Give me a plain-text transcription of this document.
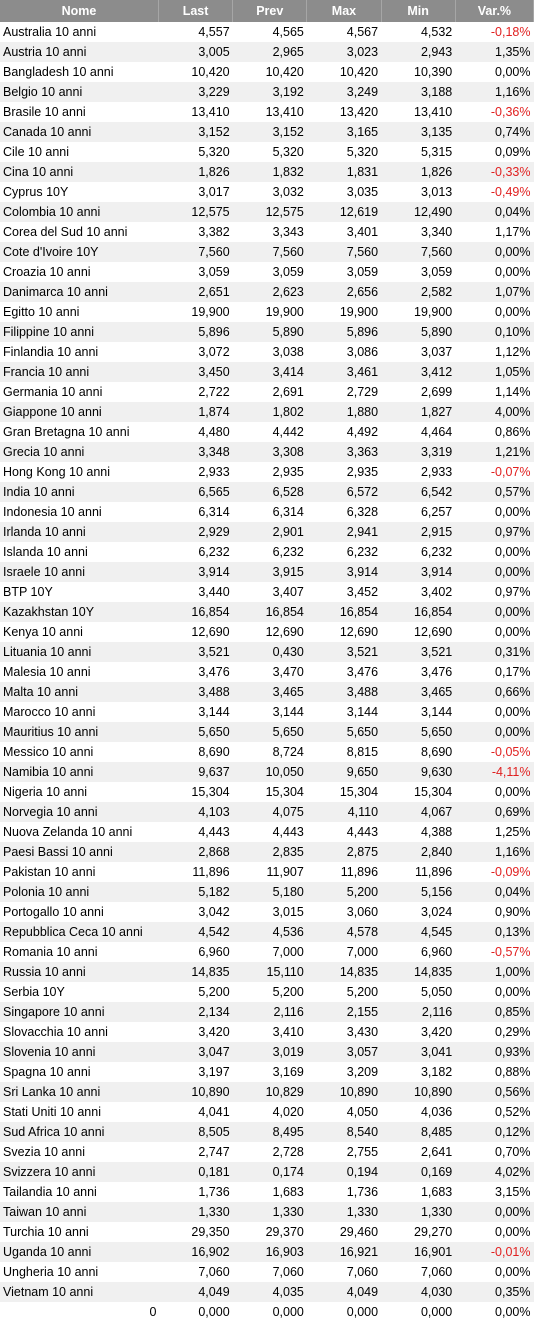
Nome	Last	Prev	Max	Min	Var.%
Australia 10 anni	4,557	4,565	4,567	4,532	-0,18%
Austria 10 anni	3,005	2,965	3,023	2,943	1,35%
Bangladesh 10 anni	10,420	10,420	10,420	10,390	0,00%
Belgio 10 anni	3,229	3,192	3,249	3,188	1,16%
Brasile 10 anni	13,410	13,410	13,420	13,410	-0,36%
Canada 10 anni	3,152	3,152	3,165	3,135	0,74%
Cile 10 anni	5,320	5,320	5,320	5,315	0,09%
Cina 10 anni	1,826	1,832	1,831	1,826	-0,33%
Cyprus 10Y	3,017	3,032	3,035	3,013	-0,49%
Colombia 10 anni	12,575	12,575	12,619	12,490	0,04%
Corea del Sud 10 anni	3,382	3,343	3,401	3,340	1,17%
Cote d'Ivoire 10Y	7,560	7,560	7,560	7,560	0,00%
Croazia 10 anni	3,059	3,059	3,059	3,059	0,00%
Danimarca 10 anni	2,651	2,623	2,656	2,582	1,07%
Egitto 10 anni	19,900	19,900	19,900	19,900	0,00%
Filippine 10 anni	5,896	5,890	5,896	5,890	0,10%
Finlandia 10 anni	3,072	3,038	3,086	3,037	1,12%
Francia 10 anni	3,450	3,414	3,461	3,412	1,05%
Germania 10 anni	2,722	2,691	2,729	2,699	1,14%
Giappone 10 anni	1,874	1,802	1,880	1,827	4,00%
Gran Bretagna 10 anni	4,480	4,442	4,492	4,464	0,86%
Grecia 10 anni	3,348	3,308	3,363	3,319	1,21%
Hong Kong 10 anni	2,933	2,935	2,935	2,933	-0,07%
India 10 anni	6,565	6,528	6,572	6,542	0,57%
Indonesia 10 anni	6,314	6,314	6,328	6,257	0,00%
Irlanda 10 anni	2,929	2,901	2,941	2,915	0,97%
Islanda 10 anni	6,232	6,232	6,232	6,232	0,00%
Israele 10 anni	3,914	3,915	3,914	3,914	0,00%
BTP 10Y	3,440	3,407	3,452	3,402	0,97%
Kazakhstan 10Y	16,854	16,854	16,854	16,854	0,00%
Kenya 10 anni	12,690	12,690	12,690	12,690	0,00%
Lituania 10 anni	3,521	0,430	3,521	3,521	0,31%
Malesia 10 anni	3,476	3,470	3,476	3,476	0,17%
Malta 10 anni	3,488	3,465	3,488	3,465	0,66%
Marocco 10 anni	3,144	3,144	3,144	3,144	0,00%
Mauritius 10 anni	5,650	5,650	5,650	5,650	0,00%
Messico 10 anni	8,690	8,724	8,815	8,690	-0,05%
Namibia 10 anni	9,637	10,050	9,650	9,630	-4,11%
Nigeria 10 anni	15,304	15,304	15,304	15,304	0,00%
Norvegia 10 anni	4,103	4,075	4,110	4,067	0,69%
Nuova Zelanda 10 anni	4,443	4,443	4,443	4,388	1,25%
Paesi Bassi 10 anni	2,868	2,835	2,875	2,840	1,16%
Pakistan 10 anni	11,896	11,907	11,896	11,896	-0,09%
Polonia 10 anni	5,182	5,180	5,200	5,156	0,04%
Portogallo 10 anni	3,042	3,015	3,060	3,024	0,90%
Repubblica Ceca 10 anni	4,542	4,536	4,578	4,545	0,13%
Romania 10 anni	6,960	7,000	7,000	6,960	-0,57%
Russia 10 anni	14,835	15,110	14,835	14,835	1,00%
Serbia 10Y	5,200	5,200	5,200	5,050	0,00%
Singapore 10 anni	2,134	2,116	2,155	2,116	0,85%
Slovacchia 10 anni	3,420	3,410	3,430	3,420	0,29%
Slovenia 10 anni	3,047	3,019	3,057	3,041	0,93%
Spagna 10 anni	3,197	3,169	3,209	3,182	0,88%
Sri Lanka 10 anni	10,890	10,829	10,890	10,890	0,56%
Stati Uniti 10 anni	4,041	4,020	4,050	4,036	0,52%
Sud Africa 10 anni	8,505	8,495	8,540	8,485	0,12%
Svezia 10 anni	2,747	2,728	2,755	2,641	0,70%
Svizzera 10 anni	0,181	0,174	0,194	0,169	4,02%
Tailandia 10 anni	1,736	1,683	1,736	1,683	3,15%
Taiwan 10 anni	1,330	1,330	1,330	1,330	0,00%
Turchia 10 anni	29,350	29,370	29,460	29,270	0,00%
Uganda 10 anni	16,902	16,903	16,921	16,901	-0,01%
Ungheria 10 anni	7,060	7,060	7,060	7,060	0,00%
Vietnam 10 anni	4,049	4,035	4,049	4,030	0,35%
0	0,000	0,000	0,000	0,000	0,00%
